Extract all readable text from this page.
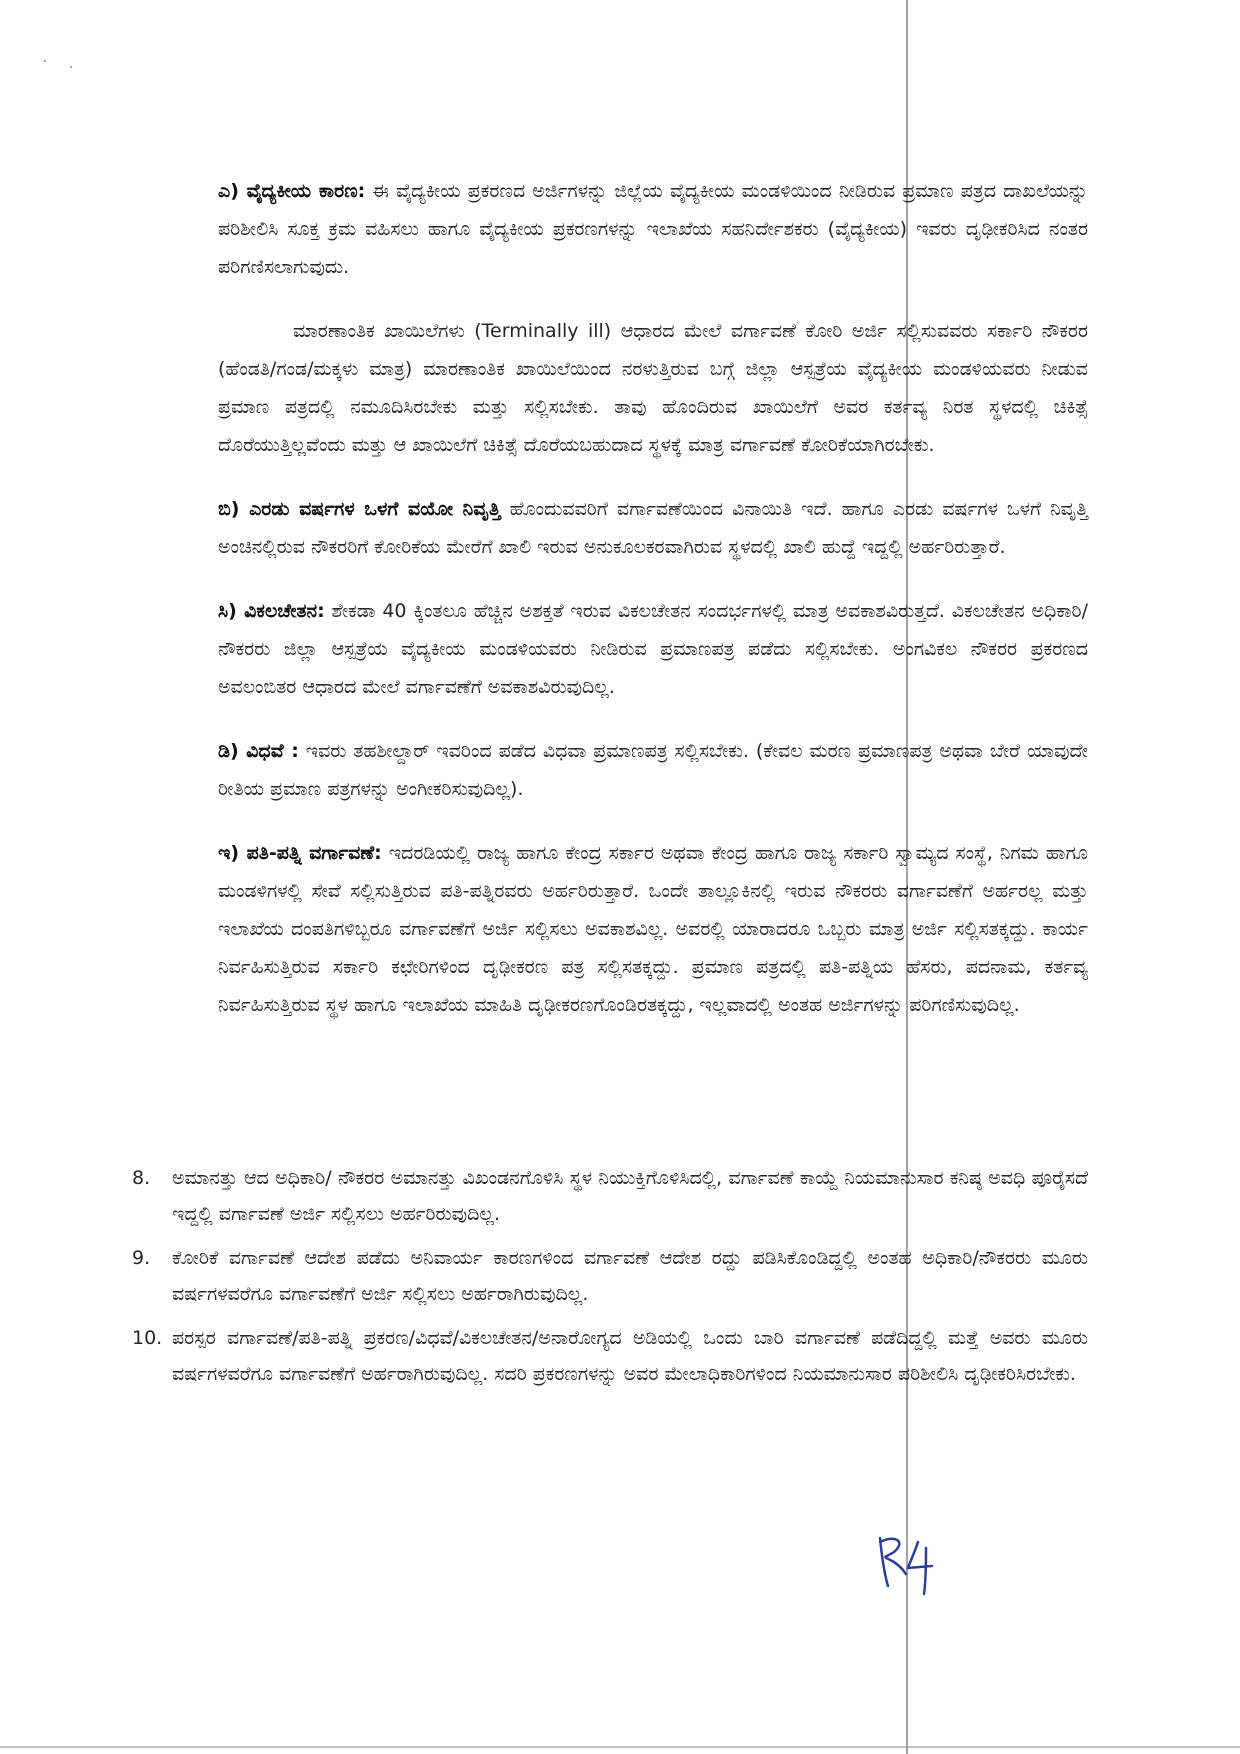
ಎ) ವೈದ್ಯಕೀಯ ಕಾರಣ: ಈ ವೈದ್ಯಕೀಯ ಪ್ರಕರಣದ ಅರ್ಜಿಗಳನ್ನು ಜಿಲ್ಲೆಯ ವೈದ್ಯಕೀಯ ಮಂಡಳಿಯಿಂದ ನೀಡಿರುವ ಪ್ರಮಾಣ ಪತ್ರದ ದಾಖಲೆಯನ್ನು ಪರಿಶೀಲಿಸಿ ಸೂಕ್ತ ಕ್ರಮ ವಹಿಸಲು ಹಾಗೂ ವೈದ್ಯಕೀಯ ಪ್ರಕರಣಗಳನ್ನು ಇಲಾಖೆಯ ಸಹನಿರ್ದೇಶಕರು (ವೈದ್ಯಕೀಯ) ಇವರು ದೃಢೀಕರಿಸಿದ ನಂತರ ಪರಿಗಣಿಸಲಾಗುವುದು.

ಮಾರಣಾಂತಿಕ ಖಾಯಿಲೆಗಳು (Terminally ill) ಆಧಾರದ ಮೇಲೆ ವರ್ಗಾವಣೆ ಕೋರಿ ಅರ್ಜಿ ಸಲ್ಲಿಸುವವರು ಸರ್ಕಾರಿ ನೌಕರರ (ಹೆಂಡತಿ/ಗಂಡ/ಮಕ್ಕಳು ಮಾತ್ರ) ಮಾರಣಾಂತಿಕ ಖಾಯಿಲೆಯಿಂದ ನರಳುತ್ತಿರುವ ಬಗ್ಗೆ ಜಿಲ್ಲಾ ಆಸ್ಪತ್ರೆಯ ವೈದ್ಯಕೀಯ ಮಂಡಳಿಯವರು ನೀಡುವ ಪ್ರಮಾಣ ಪತ್ರದಲ್ಲಿ ನಮೂದಿಸಿರಬೇಕು ಮತ್ತು ಸಲ್ಲಿಸಬೇಕು. ತಾವು ಹೊಂದಿರುವ ಖಾಯಿಲೆಗೆ ಅವರ ಕರ್ತವ್ಯ ನಿರತ ಸ್ಥಳದಲ್ಲಿ ಚಿಕಿತ್ಸೆ ದೊರೆಯುತ್ತಿಲ್ಲವೆಂದು ಮತ್ತು ಆ ಖಾಯಿಲೆಗೆ ಚಿಕಿತ್ಸೆ ದೊರೆಯಬಹುದಾದ ಸ್ಥಳಕ್ಕೆ ಮಾತ್ರ ವರ್ಗಾವಣೆ ಕೋರಿಕೆಯಾಗಿರಬೇಕು.

ಬಿ) ಎರಡು ವರ್ಷಗಳ ಒಳಗೆ ವಯೋ ನಿವೃತ್ತಿ ಹೊಂದುವವರಿಗೆ ವರ್ಗಾವಣೆಯಿಂದ ವಿನಾಯಿತಿ ಇದೆ. ಹಾಗೂ ಎರಡು ವರ್ಷಗಳ ಒಳಗೆ ನಿವೃತ್ತಿ ಅಂಚಿನಲ್ಲಿರುವ ನೌಕರರಿಗೆ ಕೋರಿಕೆಯ ಮೇರೆಗೆ ಖಾಲಿ ಇರುವ ಅನುಕೂಲಕರವಾಗಿರುವ ಸ್ಥಳದಲ್ಲಿ ಖಾಲಿ ಹುದ್ದೆ ಇದ್ದಲ್ಲಿ ಅರ್ಹರಿರುತ್ತಾರೆ.

ಸಿ) ವಿಕಲಚೇತನ: ಶೇಕಡಾ 40 ಕ್ಕಿಂತಲೂ ಹೆಚ್ಚಿನ ಅಶಕ್ತತೆ ಇರುವ ವಿಕಲಚೇತನ ಸಂದರ್ಭಗಳಲ್ಲಿ ಮಾತ್ರ ಅವಕಾಶವಿರುತ್ತದೆ. ವಿಕಲಚೇತನ ಅಧಿಕಾರಿ/ನೌಕರರು ಜಿಲ್ಲಾ ಆಸ್ಪತ್ರೆಯ ವೈದ್ಯಕೀಯ ಮಂಡಳಿಯವರು ನೀಡಿರುವ ಪ್ರಮಾಣಪತ್ರ ಪಡೆದು ಸಲ್ಲಿಸಬೇಕು. ಅಂಗವಿಕಲ ನೌಕರರ ಪ್ರಕರಣದ ಅವಲಂಬಿತರ ಆಧಾರದ ಮೇಲೆ ವರ್ಗಾವಣೆಗೆ ಅವಕಾಶವಿರುವುದಿಲ್ಲ.

ಡಿ) ವಿಧವೆ : ಇವರು ತಹಶೀಲ್ದಾರ್ ಇವರಿಂದ ಪಡೆದ ವಿಧವಾ ಪ್ರಮಾಣಪತ್ರ ಸಲ್ಲಿಸಬೇಕು. (ಕೇವಲ ಮರಣ ಪ್ರಮಾಣಪತ್ರ ಅಥವಾ ಬೇರೆ ಯಾವುದೇ ರೀತಿಯ ಪ್ರಮಾಣ ಪತ್ರಗಳನ್ನು ಅಂಗೀಕರಿಸುವುದಿಲ್ಲ).

ಇ) ಪತಿ-ಪತ್ನಿ ವರ್ಗಾವಣೆ: ಇದರಡಿಯಲ್ಲಿ ರಾಜ್ಯ ಹಾಗೂ ಕೇಂದ್ರ ಸರ್ಕಾರ ಅಥವಾ ಕೇಂದ್ರ ಹಾಗೂ ರಾಜ್ಯ ಸರ್ಕಾರಿ ಸ್ವಾಮ್ಯದ ಸಂಸ್ಥೆ, ನಿಗಮ ಹಾಗೂ ಮಂಡಳಿಗಳಲ್ಲಿ ಸೇವೆ ಸಲ್ಲಿಸುತ್ತಿರುವ ಪತಿ-ಪತ್ನಿರವರು ಅರ್ಹರಿರುತ್ತಾರೆ. ಒಂದೇ ತಾಲ್ಲೂಕಿನಲ್ಲಿ ಇರುವ ನೌಕರರು ವರ್ಗಾವಣೆಗೆ ಅರ್ಹರಲ್ಲ ಮತ್ತು ಇಲಾಖೆಯ ದಂಪತಿಗಳಿಬ್ಬರೂ ವರ್ಗಾವಣೆಗೆ ಅರ್ಜಿ ಸಲ್ಲಿಸಲು ಅವಕಾಶವಿಲ್ಲ. ಅವರಲ್ಲಿ ಯಾರಾದರೂ ಒಬ್ಬರು ಮಾತ್ರ ಅರ್ಜಿ ಸಲ್ಲಿಸತಕ್ಕದ್ದು. ಕಾರ್ಯ ನಿರ್ವಹಿಸುತ್ತಿರುವ ಸರ್ಕಾರಿ ಕಛೇರಿಗಳಿಂದ ದೃಢೀಕರಣ ಪತ್ರ ಸಲ್ಲಿಸತಕ್ಕದ್ದು. ಪ್ರಮಾಣ ಪತ್ರದಲ್ಲಿ ಪತಿ-ಪತ್ನಿಯ ಹೆಸರು, ಪದನಾಮ, ಕರ್ತವ್ಯ ನಿರ್ವಹಿಸುತ್ತಿರುವ ಸ್ಥಳ ಹಾಗೂ ಇಲಾಖೆಯ ಮಾಹಿತಿ ದೃಢೀಕರಣಗೊಂಡಿರತಕ್ಕದ್ದು, ಇಲ್ಲವಾದಲ್ಲಿ ಅಂತಹ ಅರ್ಜಿಗಳನ್ನು ಪರಿಗಣಿಸುವುದಿಲ್ಲ.

8.	ಅಮಾನತ್ತು ಆದ ಅಧಿಕಾರಿ/ ನೌಕರರ ಅಮಾನತ್ತು ವಿಖಂಡನಗೊಳಿಸಿ ಸ್ಥಳ ನಿಯುಕ್ತಿಗೊಳಿಸಿದಲ್ಲಿ, ವರ್ಗಾವಣೆ ಕಾಯ್ದೆ ನಿಯಮಾನುಸಾರ ಕನಿಷ್ಠ ಅವಧಿ ಪೂರೈಸದೆ ಇದ್ದಲ್ಲಿ ವರ್ಗಾವಣೆ ಅರ್ಜಿ ಸಲ್ಲಿಸಲು ಅರ್ಹರಿರುವುದಿಲ್ಲ.
9.	ಕೋರಿಕೆ ವರ್ಗಾವಣೆ ಆದೇಶ ಪಡೆದು ಅನಿವಾರ್ಯ ಕಾರಣಗಳಿಂದ ವರ್ಗಾವಣೆ ಆದೇಶ ರದ್ದು ಪಡಿಸಿಕೊಂಡಿದ್ದಲ್ಲಿ ಅಂತಹ ಅಧಿಕಾರಿ/ನೌಕರರು ಮೂರು ವರ್ಷಗಳವರೆಗೂ ವರ್ಗಾವಣೆಗೆ ಅರ್ಜಿ ಸಲ್ಲಿಸಲು ಅರ್ಹರಾಗಿರುವುದಿಲ್ಲ.
10. ಪರಸ್ಪರ ವರ್ಗಾವಣೆ/ಪತಿ-ಪತ್ನಿ ಪ್ರಕರಣ/ವಿಧವೆ/ವಿಕಲಚೇತನ/ಅನಾರೋಗ್ಯದ ಅಡಿಯಲ್ಲಿ ಒಂದು ಬಾರಿ ವರ್ಗಾವಣೆ ಪಡೆದಿದ್ದಲ್ಲಿ ಮತ್ತೆ ಅವರು ಮೂರು ವರ್ಷಗಳವರೆಗೂ ವರ್ಗಾವಣೆಗೆ ಅರ್ಹರಾಗಿರುವುದಿಲ್ಲ. ಸದರಿ ಪ್ರಕರಣಗಳನ್ನು ಅವರ ಮೇಲಾಧಿಕಾರಿಗಳಿಂದ ನಿಯಮಾನುಸಾರ ಪರಿಶೀಲಿಸಿ ದೃಢೀಕರಿಸಿರಬೇಕು.
